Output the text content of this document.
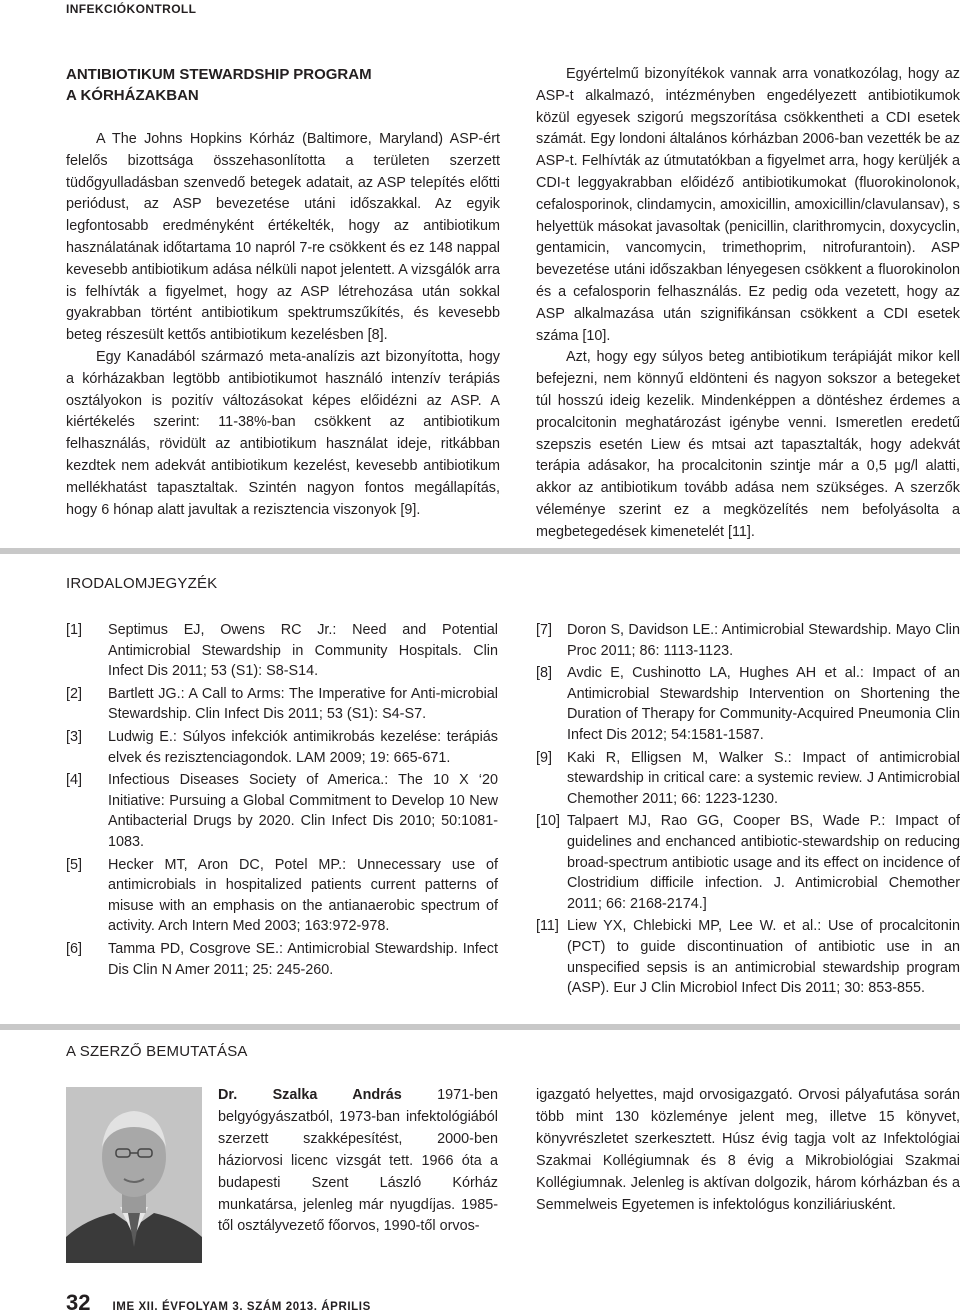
INFEKCIÓKONTROLL
ANTIBIOTIKUM STEWARDSHIP PROGRAM
A KÓRHÁZAKBAN

A The Johns Hopkins Kórház (Baltimore, Maryland) ASP-ért felelős bizottsága összehasonlította a területen szerzett tüdőgyulladásban szenvedő betegek adatait, az ASP telepítés előtti periódust, az ASP bevezetése utáni időszakkal. Az egyik legfontosabb eredményként értékelték, hogy az antibiotikum használatának időtartama 10 napról 7-re csökkent és ez 148 nappal kevesebb antibiotikum adása nélküli napot jelentett. A vizsgálók arra is felhívták a figyelmet, hogy az ASP létrehozása után sokkal gyakrabban történt antibiotikum spektrumszűkítés, és kevesebb beteg részesült kettős antibiotikum kezelésben [8].

Egy Kanadából származó meta-analízis azt bizonyította, hogy a kórházakban legtöbb antibiotikumot használó intenzív terápiás osztályokon is pozitív változásokat képes előidézni az ASP. A kiértékelés szerint: 11-38%-ban csökkent az antibiotikum felhasználás, rövidült az antibiotikum használat ideje, ritkábban kezdtek nem adekvát antibiotikum kezelést, kevesebb antibiotikum mellékhatást tapasztaltak. Szintén nagyon fontos megállapítás, hogy 6 hónap alatt javultak a rezisztencia viszonyok [9].

Egyértelmű bizonyítékok vannak arra vonatkozólag, hogy az ASP-t alkalmazó, intézményben engedélyezett antibiotikumok közül egyesek szigorú megszorítása csökkentheti a CDI esetek számát. Egy londoni általános kórházban 2006-ban vezették be az ASP-t. Felhívták az útmutatókban a figyelmet arra, hogy kerüljék a CDI-t leggyakrabban előidéző antibiotikumokat (fluorokinolonok, cefalosporinok, clindamycin, amoxicillin, amoxicillin/clavulansav), s helyettük másokat javasoltak (penicillin, clarithromycin, doxycyclin, gentamicin, vancomycin, trimethoprim, nitrofurantoin). ASP bevezetése utáni időszakban lényegesen csökkent a fluorokinolon és a cefalosporin felhasználás. Ez pedig oda vezetett, hogy az ASP alkalmazása után szignifikánsan csökkent a CDI esetek száma [10].

Azt, hogy egy súlyos beteg antibiotikum terápiáját mikor kell befejezni, nem könnyű eldönteni és nagyon sokszor a betegeket túl hosszú ideig kezelik. Mindenképpen a döntéshez érdemes a procalcitonin meghatározást igénybe venni. Ismeretlen eredetű szepszis esetén Liew és mtsai azt tapasztalták, hogy adekvát terápia adásakor, ha procalcitonin szintje már a 0,5 μg/l alatti, akkor az antibiotikum tovább adása nem szükséges. A szerzők véleménye szerint ez a megközelítés nem befolyásolta a megbetegedések kimenetelét [11].

IRODALOMJEGYZÉK
[1]	Septimus EJ, Owens RC Jr.: Need and Potential Antimicrobial Stewardship in Community Hospitals. Clin Infect Dis 2011; 53 (S1): S8-S14.
[2]	Bartlett JG.: A Call to Arms: The Imperative for Anti-microbial Stewardship. Clin Infect Dis 2011; 53 (S1): S4-S7.
[3]	Ludwig E.: Súlyos infekciók antimikrobás kezelése: terápiás elvek és rezisztenciagondok. LAM 2009; 19: 665-671.
[4]	Infectious Diseases Society of America.: The 10 X ‘20 Initiative: Pursuing a Global Commitment to Develop 10 New Antibacterial Drugs by 2020. Clin Infect Dis 2010; 50:1081-1083.
[5]	Hecker MT, Aron DC, Potel MP.: Unnecessary use of antimicrobials in hospitalized patients current patterns of misuse with an emphasis on the antianaerobic spectrum of activity. Arch Intern Med 2003; 163:972-978.
[6]	Tamma PD, Cosgrove SE.: Antimicrobial Stewardship. Infect Dis Clin N Amer 2011; 25: 245-260.
[7]	Doron S, Davidson LE.: Antimicrobial Stewardship. Mayo Clin Proc 2011; 86: 1113-1123.
[8]	Avdic E, Cushinotto LA, Hughes AH et al.: Impact of an Antimicrobial Stewardship Intervention on Shortening the Duration of Therapy for Community-Acquired Pneumonia Clin Infect Dis 2012; 54:1581-1587.
[9]	Kaki R, Elligsen M, Walker S.: Impact of antimicrobial stewardship in critical care: a systemic review. J Antimicrobial Chemother 2011; 66: 1223-1230.
[10] Talpaert MJ, Rao GG, Cooper BS, Wade P.: Impact of guidelines and enchanced antibiotic-stewardship on reducing broad-spectrum antibiotic usage and its effect on incidence of Clostridium difficile infection. J. Antimicrobial Chemother 2011; 66: 2168-2174.]
[11] Liew YX, Chlebicki MP, Lee W. et al.: Use of procalcitonin (PCT) to guide discontinuation of antibiotic use in an unspecified sepsis is an antimicrobial stewardship program (ASP). Eur J Clin Microbiol Infect Dis 2011; 30: 853-855.
A SZERZŐ BEMUTATÁSA
Dr. Szalka András 1971-ben belgyógyászatból, 1973-ban infektológiából szerzett szakképesítést, 2000-ben háziorvosi licenc vizsgát tett. 1966 óta a budapesti Szent László Kórház munkatársa, jelenleg már nyugdíjas. 1985-től osztályvezető főorvos, 1990-től orvos-
igazgató helyettes, majd orvosigazgató. Orvosi pályafutása során több mint 130 közleménye jelent meg, illetve 15 könyvet, könyvrészletet szerkesztett. Húsz évig tagja volt az Infektológiai Szakmai Kollégiumnak és 8 évig a Mikrobiológiai Szakmai Kollégiumnak. Jelenleg is aktívan dolgozik, három kórházban és a Semmelweis Egyetemen is infektológus konziliáriusként.
32 IME XII. ÉVFOLYAM 3. SZÁM 2013. ÁPRILIS
